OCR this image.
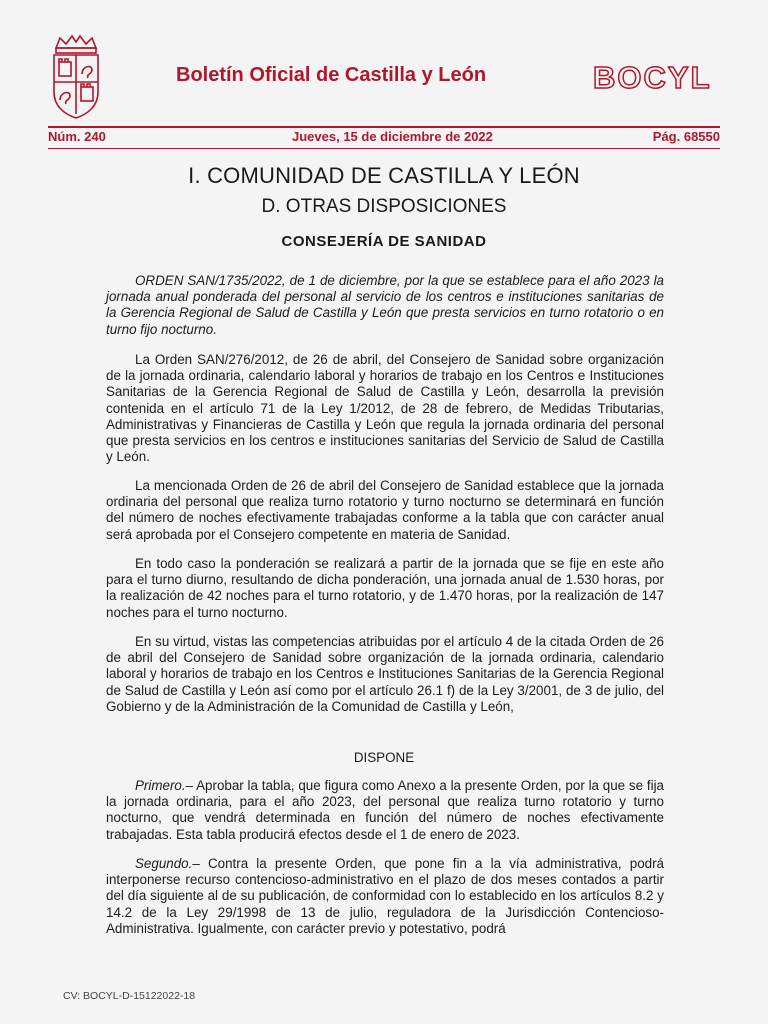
Boletín Oficial de Castilla y León	BOCYL
Núm. 240	Jueves, 15 de diciembre de 2022	Pág. 68550
I. COMUNIDAD DE CASTILLA Y LEÓN
D. OTRAS DISPOSICIONES
CONSEJERÍA DE SANIDAD
ORDEN SAN/1735/2022, de 1 de diciembre, por la que se establece para el año 2023 la jornada anual ponderada del personal al servicio de los centros e instituciones sanitarias de la Gerencia Regional de Salud de Castilla y León que presta servicios en turno rotatorio o en turno fijo nocturno.
La Orden SAN/276/2012, de 26 de abril, del Consejero de Sanidad sobre organización de la jornada ordinaria, calendario laboral y horarios de trabajo en los Centros e Instituciones Sanitarias de la Gerencia Regional de Salud de Castilla y León, desarrolla la previsión contenida en el artículo 71 de la Ley 1/2012, de 28 de febrero, de Medidas Tributarias, Administrativas y Financieras de Castilla y León que regula la jornada ordinaria del personal que presta servicios en los centros e instituciones sanitarias del Servicio de Salud de Castilla y León.
La mencionada Orden de 26 de abril del Consejero de Sanidad establece que la jornada ordinaria del personal que realiza turno rotatorio y turno nocturno se determinará en función del número de noches efectivamente trabajadas conforme a la tabla que con carácter anual será aprobada por el Consejero competente en materia de Sanidad.
En todo caso la ponderación se realizará a partir de la jornada que se fije en este año para el turno diurno, resultando de dicha ponderación, una jornada anual de 1.530 horas, por la realización de 42 noches para el turno rotatorio, y de 1.470 horas, por la realización de 147 noches para el turno nocturno.
En su virtud, vistas las competencias atribuidas por el artículo 4 de la citada Orden de 26 de abril del Consejero de Sanidad sobre organización de la jornada ordinaria, calendario laboral y horarios de trabajo en los Centros e Instituciones Sanitarias de la Gerencia Regional de Salud de Castilla y León así como por el artículo 26.1 f) de la Ley 3/2001, de 3 de julio, del Gobierno y de la Administración de la Comunidad de Castilla y León,
DISPONE
Primero.– Aprobar la tabla, que figura como Anexo a la presente Orden, por la que se fija la jornada ordinaria, para el año 2023, del personal que realiza turno rotatorio y turno nocturno, que vendrá determinada en función del número de noches efectivamente trabajadas. Esta tabla producirá efectos desde el 1 de enero de 2023.
Segundo.– Contra la presente Orden, que pone fin a la vía administrativa, podrá interponerse recurso contencioso-administrativo en el plazo de dos meses contados a partir del día siguiente al de su publicación, de conformidad con lo establecido en los artículos 8.2 y 14.2 de la Ley 29/1998 de 13 de julio, reguladora de la Jurisdicción Contencioso-Administrativa. Igualmente, con carácter previo y potestativo, podrá
CV: BOCYL-D-15122022-18
